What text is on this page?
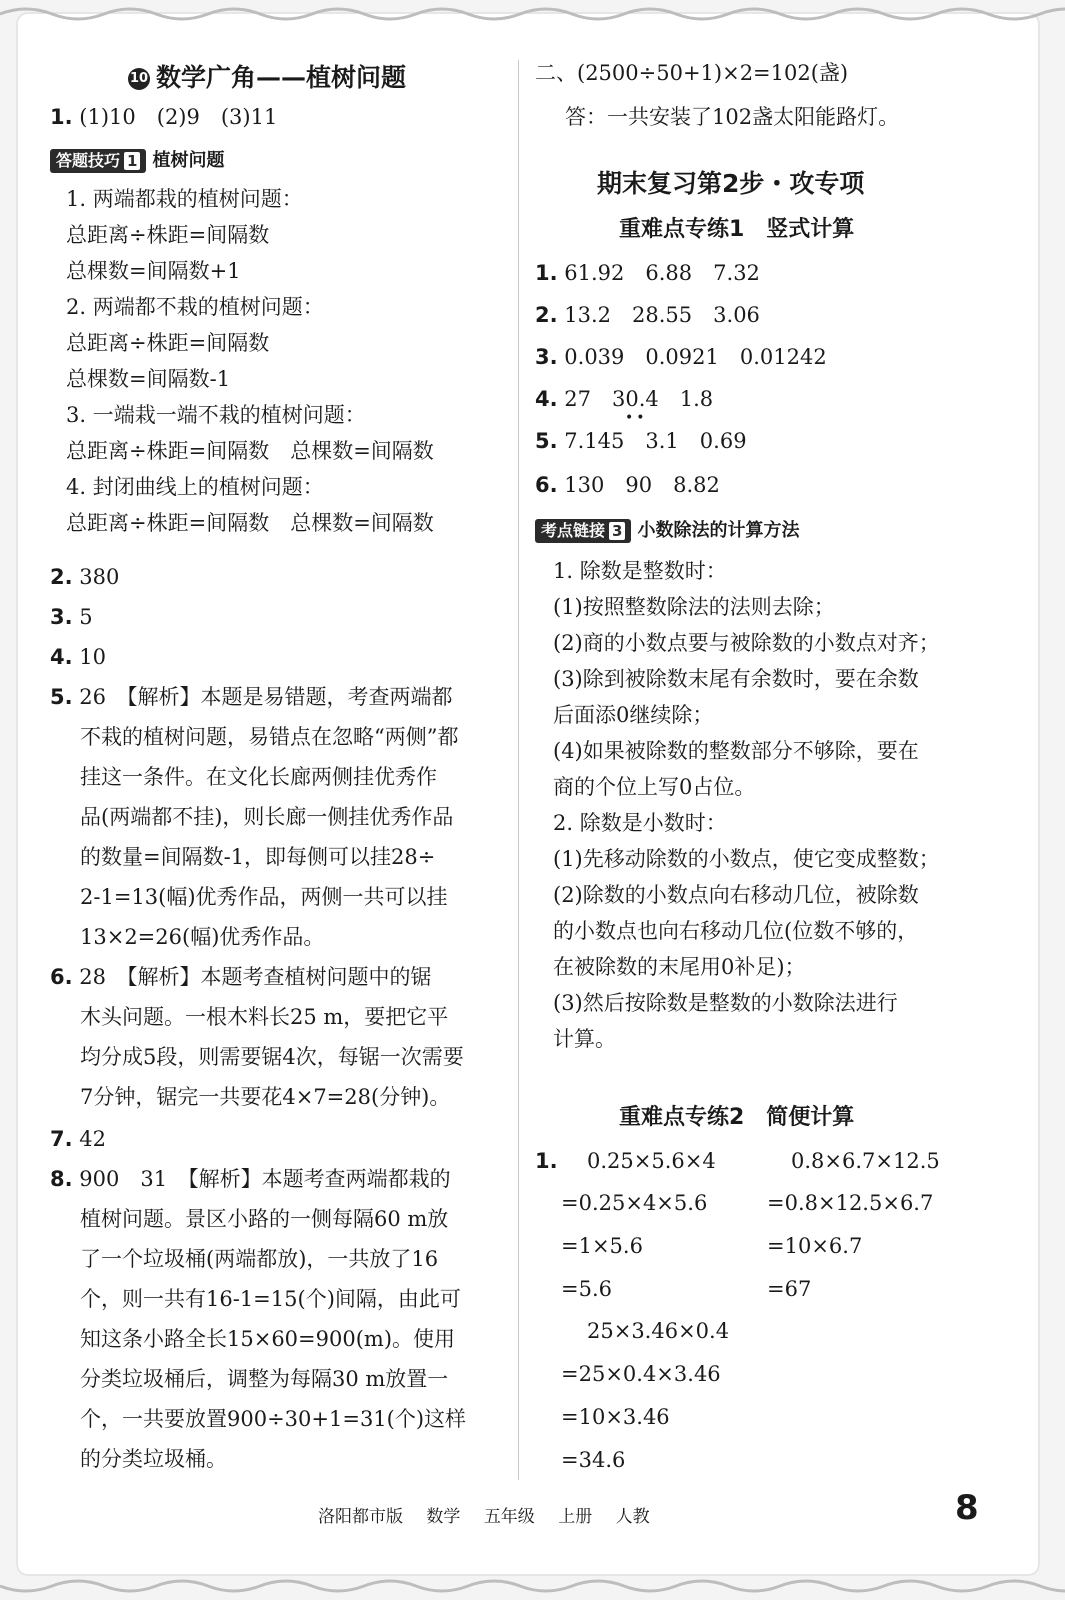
10 数学广角——植树问题
1. (1)10　(2)9　(3)11
答题技巧 1 植树问题
1. 两端都栽的植树问题：
总距离÷株距=间隔数
总棵数=间隔数+1
2. 两端都不栽的植树问题：
总距离÷株距=间隔数
总棵数=间隔数-1
3. 一端栽一端不栽的植树问题：
总距离÷株距=间隔数　总棵数=间隔数
4. 封闭曲线上的植树问题：
总距离÷株距=间隔数　总棵数=间隔数
2. 380
3. 5
4. 10
5. 26　【解析】本题是易错题，考查两端都
不栽的植树问题，易错点在忽略“两侧”都
挂这一条件。在文化长廊两侧挂优秀作
品(两端都不挂)，则长廊一侧挂优秀作品
的数量=间隔数-1，即每侧可以挂28÷
2-1=13(幅)优秀作品，两侧一共可以挂
13×2=26(幅)优秀作品。
6. 28　【解析】本题考查植树问题中的锯
木头问题。一根木料长25 m，要把它平
均分成5段，则需要锯4次，每锯一次需要
7分钟，锯完一共要花4×7=28(分钟)。
7. 42
8. 900　31　【解析】本题考查两端都栽的
植树问题。景区小路的一侧每隔60 m放
了一个垃圾桶(两端都放)，一共放了16
个，则一共有16-1=15(个)间隔，由此可
知这条小路全长15×60=900(m)。使用
分类垃圾桶后，调整为每隔30 m放置一
个，一共要放置900÷30+1=31(个)这样
的分类垃圾桶。
二、(2500÷50+1)×2=102(盏)
答：一共安装了102盏太阳能路灯。
期末复习第2步・攻专项
重难点专练1　竖式计算
1. 61.92　6.88　7.32
2. 13.2　28.55　3.06
3. 0.039　0.0921　0.01242
4. 27　30.4　1.8
••
5. 7.145　3.1　0.69
6. 130　90　8.82
考点链接 3 小数除法的计算方法
1. 除数是整数时：
(1)按照整数除法的法则去除；
(2)商的小数点要与被除数的小数点对齐；
(3)除到被除数末尾有余数时，要在余数
后面添0继续除；
(4)如果被除数的整数部分不够除，要在
商的个位上写0占位。
2. 除数是小数时：
(1)先移动除数的小数点，使它变成整数；
(2)除数的小数点向右移动几位，被除数
的小数点也向右移动几位(位数不够的，
在被除数的末尾用0补足)；
(3)然后按除数是整数的小数除法进行
计算。
重难点专练2　简便计算
1. 0.25×5.6×4
=0.25×4×5.6
=1×5.6
=5.6
0.8×6.7×12.5
=0.8×12.5×6.7
=10×6.7
=67
25×3.46×0.4
=25×0.4×3.46
=10×3.46
=34.6
洛阳都市版 数学 五年级 上册 人教	8
